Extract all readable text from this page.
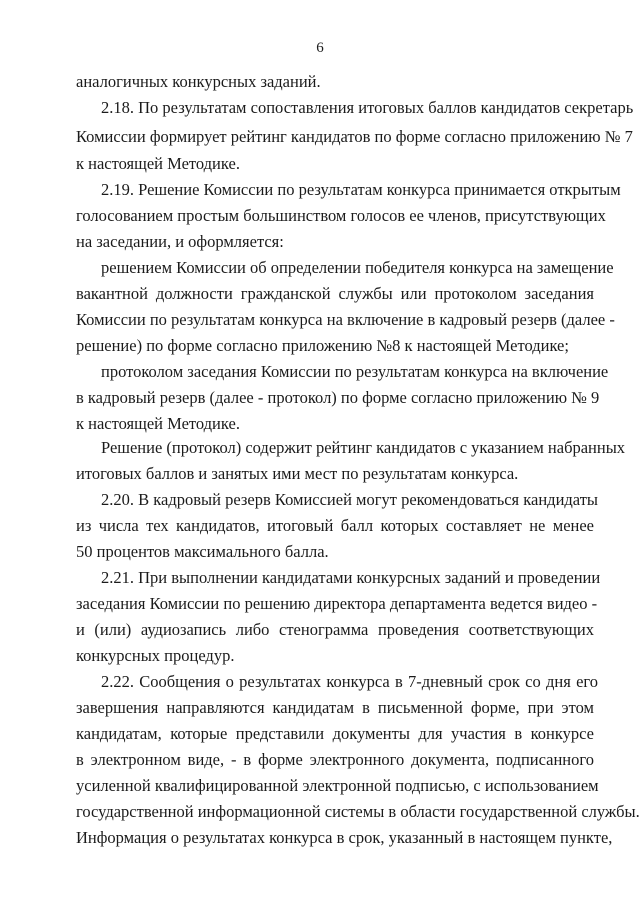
6
аналогичных конкурсных заданий.
2.18. По результатам сопоставления итоговых баллов кандидатов секретарь
Комиссии формирует рейтинг кандидатов по форме согласно приложению № 7
к настоящей Методике.
2.19. Решение Комиссии по результатам конкурса принимается открытым
голосованием простым большинством голосов ее членов, присутствующих
на заседании, и оформляется:
решением Комиссии об определении победителя конкурса на замещение
вакантной должности гражданской службы или протоколом заседания
Комиссии по результатам конкурса на включение в кадровый резерв (далее -
решение) по форме согласно приложению №8 к настоящей Методике;
протоколом заседания Комиссии по результатам конкурса на включение
в кадровый резерв (далее - протокол) по форме согласно приложению № 9
к настоящей Методике.
Решение (протокол) содержит рейтинг кандидатов с указанием набранных
итоговых баллов и занятых ими мест по результатам конкурса.
2.20. В кадровый резерв Комиссией могут рекомендоваться кандидаты
из числа тех кандидатов, итоговый балл которых составляет не менее
50 процентов максимального балла.
2.21. При выполнении кандидатами конкурсных заданий и проведении
заседания Комиссии по решению директора департамента ведется видео -
и (или) аудиозапись либо стенограмма проведения соответствующих
конкурсных процедур.
2.22. Сообщения о результатах конкурса в 7-дневный срок со дня его
завершения направляются кандидатам в письменной форме, при этом
кандидатам, которые представили документы для участия в конкурсе
в электронном виде, - в форме электронного документа, подписанного
усиленной квалифицированной электронной подписью, с использованием
государственной информационной системы в области государственной службы.
Информация о результатах конкурса в срок, указанный в настоящем пункте,
